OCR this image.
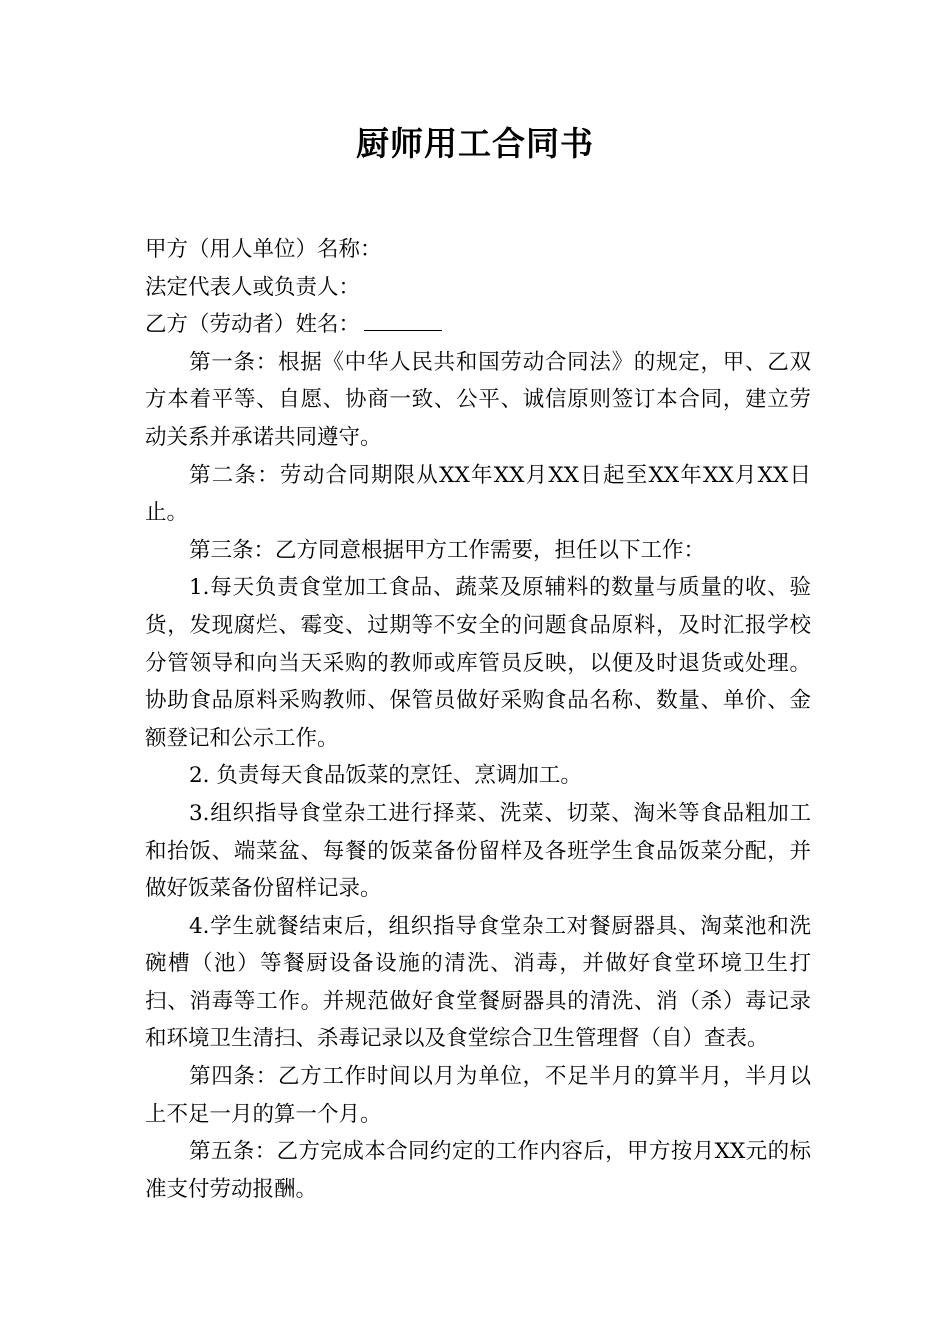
厨师用工合同书
甲方（用人单位）名称：
法定代表人或负责人：
乙方（劳动者）姓名：
第一条：根据《中华人民共和国劳动合同法》的规定，甲、乙双方本着平等、自愿、协商一致、公平、诚信原则签订本合同，建立劳动关系并承诺共同遵守。
第二条：劳动合同期限从XX年XX月XX日起至XX年XX月XX日止。
第三条：乙方同意根据甲方工作需要，担任以下工作：
1.每天负责食堂加工食品、蔬菜及原辅料的数量与质量的收、验货，发现腐烂、霉变、过期等不安全的问题食品原料，及时汇报学校分管领导和向当天采购的教师或库管员反映，以便及时退货或处理。协助食品原料采购教师、保管员做好采购食品名称、数量、单价、金额登记和公示工作。
2. 负责每天食品饭菜的烹饪、烹调加工。
3.组织指导食堂杂工进行择菜、洗菜、切菜、淘米等食品粗加工和抬饭、端菜盆、每餐的饭菜备份留样及各班学生食品饭菜分配，并做好饭菜备份留样记录。
4.学生就餐结束后，组织指导食堂杂工对餐厨器具、淘菜池和洗碗槽（池）等餐厨设备设施的清洗、消毒，并做好食堂环境卫生打扫、消毒等工作。并规范做好食堂餐厨器具的清洗、消（杀）毒记录和环境卫生清扫、杀毒记录以及食堂综合卫生管理督（自）查表。
第四条：乙方工作时间以月为单位，不足半月的算半月，半月以上不足一月的算一个月。
第五条：乙方完成本合同约定的工作内容后，甲方按月XX元的标准支付劳动报酬。
